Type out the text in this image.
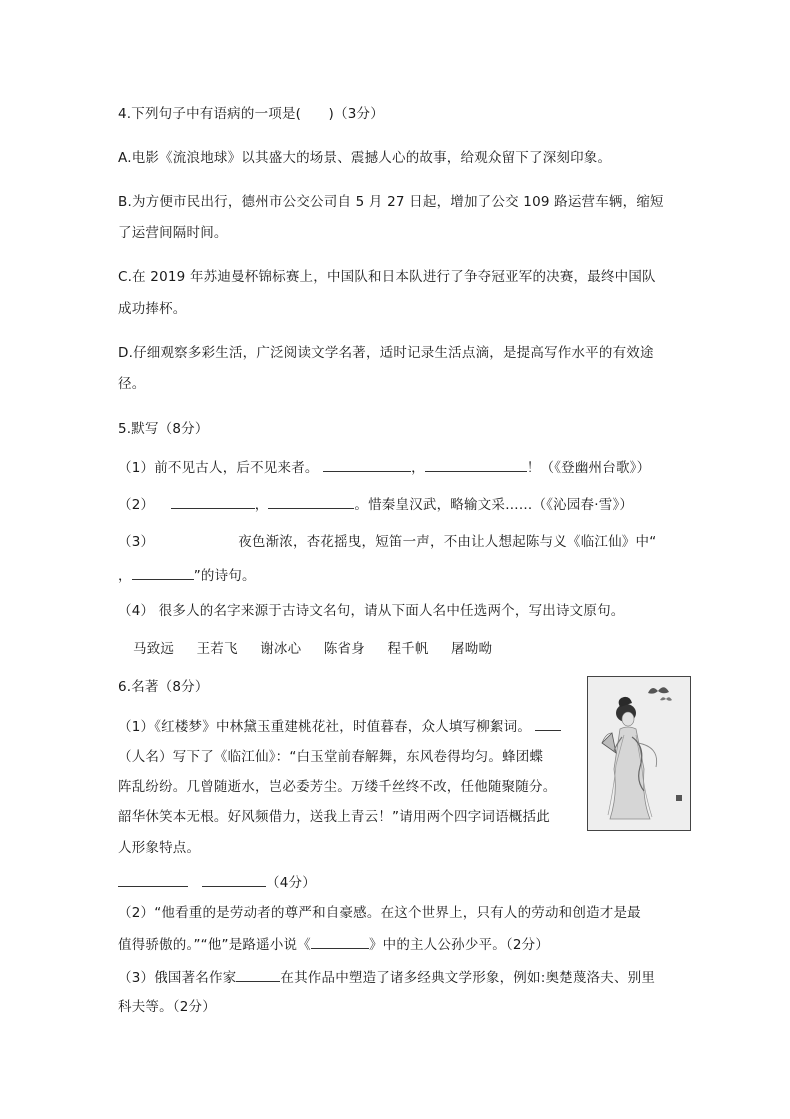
4.下列句子中有语病的一项是(　　)（3分）
A.电影《流浪地球》以其盛大的场景、震撼人心的故事，给观众留下了深刻印象。
B.为方便市民出行，德州市公交公司自 5 月 27 日起，增加了公交 109 路运营车辆，缩短
了运营间隔时间。
C.在 2019 年苏迪曼杯锦标赛上，中国队和日本队进行了争夺冠亚军的决赛，最终中国队
成功捧杯。
D.仔细观察多彩生活，广泛阅读文学名著，适时记录生活点滴，是提高写作水平的有效途
径。
5.默写（8分）
（1）前不见古人，后不见来者。	，	！（《登幽州台歌》）
（2）	，	。惜秦皇汉武，略输文采……（《沁园春·雪》）
（3）	夜色渐浓，杏花摇曳，短笛一声，不由让人想起陈与义《临江仙》中“
，	”的诗句。
（4） 很多人的名字来源于古诗文名句，请从下面人名中任选两个，写出诗文原句。
马致远 王若飞 谢冰心 陈省身 程千帆 屠呦呦
6.名著（8分）
（1）《红楼梦》中林黛玉重建桃花社，时值暮春，众人填写柳絮词。
（人名）写下了《临江仙》：“白玉堂前春解舞，东风卷得均匀。蜂团蝶
阵乱纷纷。几曾随逝水，岂必委芳尘。万缕千丝终不改，任他随聚随分。
韶华休笑本无根。好风频借力，送我上青云！”请用两个四字词语概括此
人形象特点。
（4分）
（2）“他看重的是劳动者的尊严和自豪感。在这个世界上，只有人的劳动和创造才是最
值得骄傲的。”“他”是路遥小说《	》中的主人公孙少平。（2分）
（3）俄国著名作家	在其作品中塑造了诸多经典文学形象，例如:奥楚蔑洛夫、别里
科夫等。（2分）
